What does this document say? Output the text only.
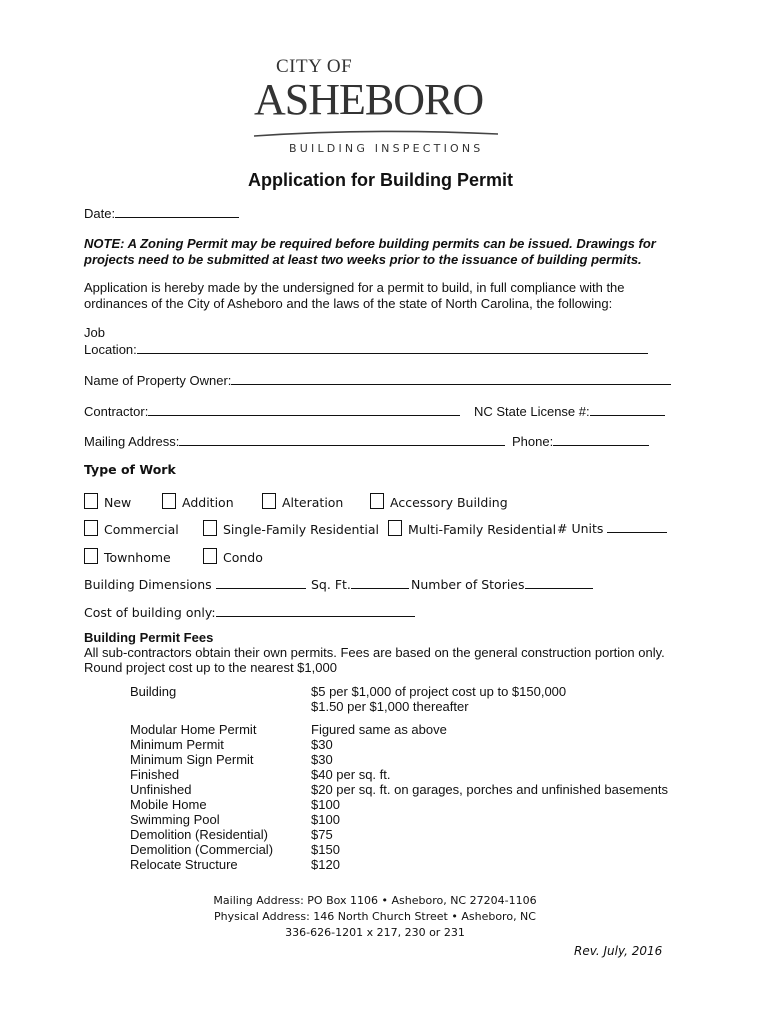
CITY OF
ASHEBORO
BUILDING INSPECTIONS
Application for Building Permit
Date:
NOTE: A Zoning Permit may be required before building permits can be issued. Drawings for projects need to be submitted at least two weeks prior to the issuance of building permits.
Application is hereby made by the undersigned for a permit to build, in full compliance with the ordinances of the City of Asheboro and the laws of the state of North Carolina, the following:
Job
Location:
Name of Property Owner:
Contractor:	NC State License #:
Mailing Address:	Phone:
Type of Work
New	Addition	Alteration	Accessory Building
Commercial	Single-Family Residential	Multi-Family Residential # Units
Townhome	Condo
Building Dimensions	Sq. Ft.	Number of Stories
Cost of building only:
Building Permit Fees
All sub-contractors obtain their own permits. Fees are based on the general construction portion only.
Round project cost up to the nearest $1,000
Building	$5 per $1,000 of project cost up to $150,000
$1.50 per $1,000 thereafter
Modular Home Permit	Figured same as above
Minimum Permit	$30
Minimum Sign Permit	$30
Finished	$40 per sq. ft.
Unfinished	$20 per sq. ft. on garages, porches and unfinished basements
Mobile Home	$100
Swimming Pool	$100
Demolition (Residential)	$75
Demolition (Commercial)	$150
Relocate Structure	$120
Mailing Address: PO Box 1106 • Asheboro, NC 27204-1106
Physical Address: 146 North Church Street • Asheboro, NC
336-626-1201 x 217, 230 or 231
Rev. July, 2016
